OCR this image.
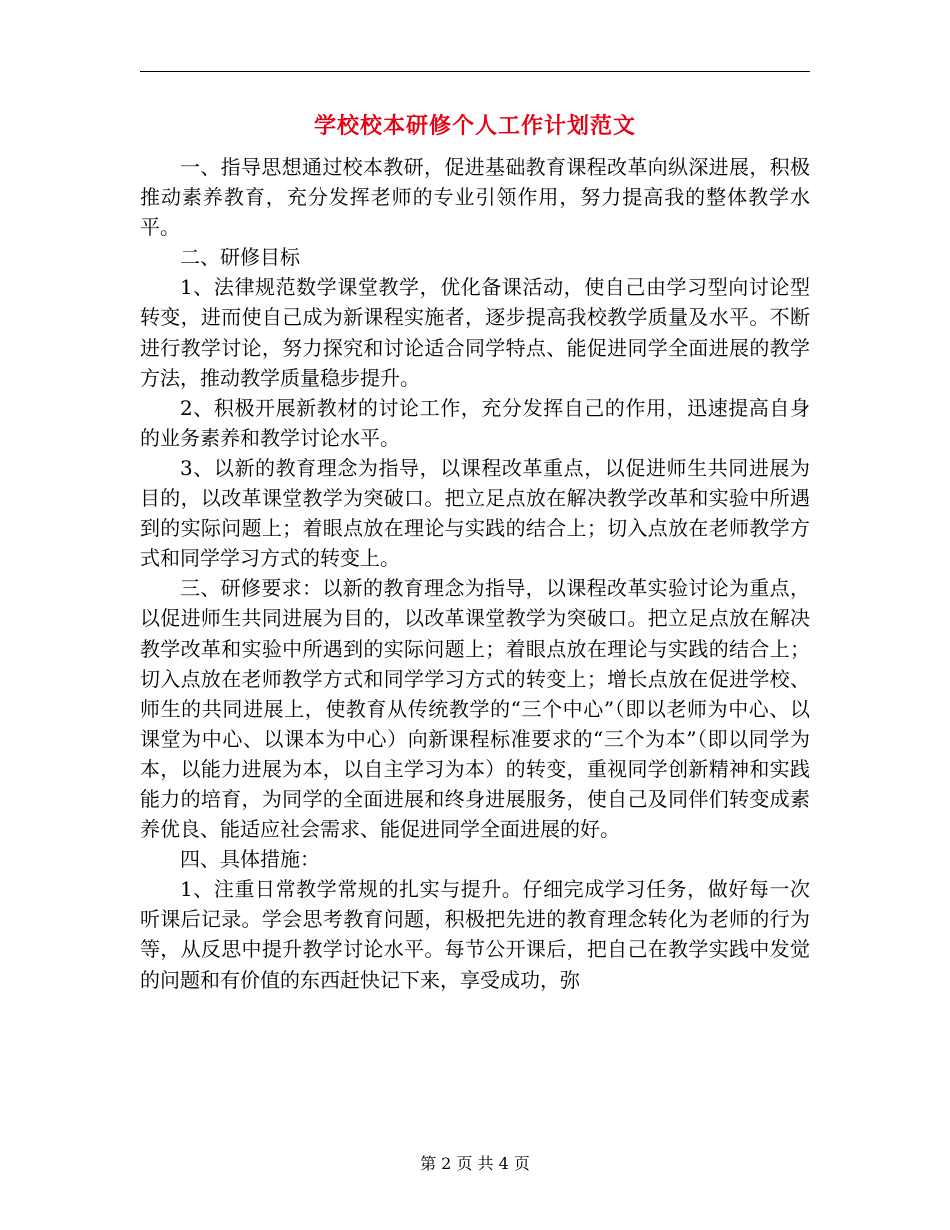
学校校本研修个人工作计划范文

一、指导思想通过校本教研，促进基础教育课程改革向纵深进展，积极推动素养教育，充分发挥老师的专业引领作用，努力提高我的整体教学水平。

二、研修目标

1、法律规范数学课堂教学，优化备课活动，使自己由学习型向讨论型转变，进而使自己成为新课程实施者，逐步提高我校教学质量及水平。不断进行教学讨论，努力探究和讨论适合同学特点、能促进同学全面进展的教学方法，推动教学质量稳步提升。

2、积极开展新教材的讨论工作，充分发挥自己的作用，迅速提高自身的业务素养和教学讨论水平。

3、以新的教育理念为指导，以课程改革重点，以促进师生共同进展为目的，以改革课堂教学为突破口。把立足点放在解决教学改革和实验中所遇到的实际问题上；着眼点放在理论与实践的结合上；切入点放在老师教学方式和同学学习方式的转变上。

三、研修要求：以新的教育理念为指导，以课程改革实验讨论为重点，以促进师生共同进展为目的，以改革课堂教学为突破口。把立足点放在解决教学改革和实验中所遇到的实际问题上；着眼点放在理论与实践的结合上；切入点放在老师教学方式和同学学习方式的转变上；增长点放在促进学校、师生的共同进展上，使教育从传统教学的“三个中心”（即以老师为中心、以课堂为中心、以课本为中心）向新课程标准要求的“三个为本”（即以同学为本，以能力进展为本，以自主学习为本）的转变，重视同学创新精神和实践能力的培育，为同学的全面进展和终身进展服务，使自己及同伴们转变成素养优良、能适应社会需求、能促进同学全面进展的好。

四、具体措施：

1、注重日常教学常规的扎实与提升。仔细完成学习任务，做好每一次听课后记录。学会思考教育问题，积极把先进的教育理念转化为老师的行为等，从反思中提升教学讨论水平。每节公开课后，把自己在教学实践中发觉的问题和有价值的东西赶快记下来，享受成功，弥

第 2 页 共 4 页
